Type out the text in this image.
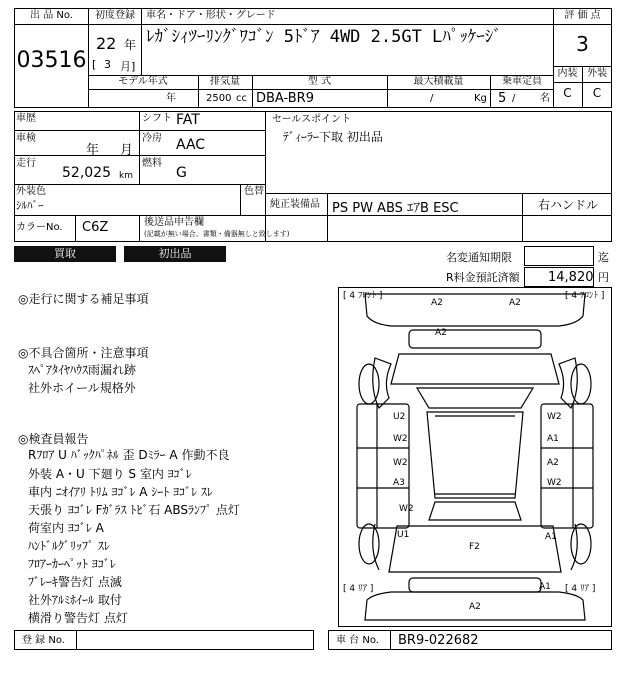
出 品 No.
03516
初度登録
22 年
[ 3 月]
車名・ドア・形状・グレード
ﾚｶﾞｼｨﾂｰﾘﾝｸﾞﾜｺﾞﾝ 5ﾄﾞｱ 4WD 2.5GT Lﾊﾟｯｹｰｼﾞ
評 価 点
3
内装 外装
C	C
モデル年式
年
排気量
2500 cc
型 式
DBA-BR9
最大積載量
/	Kg
乗車定員
5 / 名
車歴	シフト FAT
車検
年 月
冷房 AAC
走行
52,025 km
燃料
G
外装色
ｼﾙﾊﾞｰ
色替
カラーNo. C6Z	後送品申告欄
(記載が無い場合、書類・備器無しと致します)
セールスポイント
ﾃﾞｨｰﾗｰ下取 初出品
純正装備品 PS PW ABS ｴｱB ESC	右ハンドル
買取	初出品	名変通知期限	迄
R料金預託済額 14,820 円
◎走行に関する補足事項
◎不具合箇所・注意事項
ｽﾍﾟｱﾀｲﾔﾊｳｽ雨漏れ跡
社外ホイール規格外
◎検査員報告
Rﾌﾛｱ U ﾊﾞｯｸﾊﾟﾈﾙ 歪 Dﾐﾗｰ A 作動不良
外装 A・U 下廻り S 室内 ﾖｺﾞﾚ
車内 ﾆｵｲｱﾘ ﾄﾘﾑ ﾖｺﾞﾚ A ｼｰﾄ ﾖｺﾞﾚ ｽﾚ
天張り ﾖｺﾞﾚ Fｶﾞﾗｽ ﾄﾋﾞ石 ABSﾗﾝﾌﾟ 点灯
荷室内 ﾖｺﾞﾚ A
ﾊﾝﾄﾞﾙｸﾞﾘｯﾌﾟ ｽﾚ
ﾌﾛｱｰｶｰﾍﾟｯﾄ ﾖｺﾞﾚ
ﾌﾞﾚｰｷ警告灯 点滅
社外ｱﾙﾐﾎｲｰﾙ 取付
横滑り警告灯 点灯
[ 4 ﾌﾛﾝﾄ ]	[ 4 ﾌﾛﾝﾄ ]
[ 4 ﾘｱ ]	[ 4 ﾘｱ ]
A2	A2
A2
U2
W2
W2
A3
W2
U1
W2
A1
A2
W2
A1
F2
A1
A2
登 録 No.	車 台 No. BR9-022682
